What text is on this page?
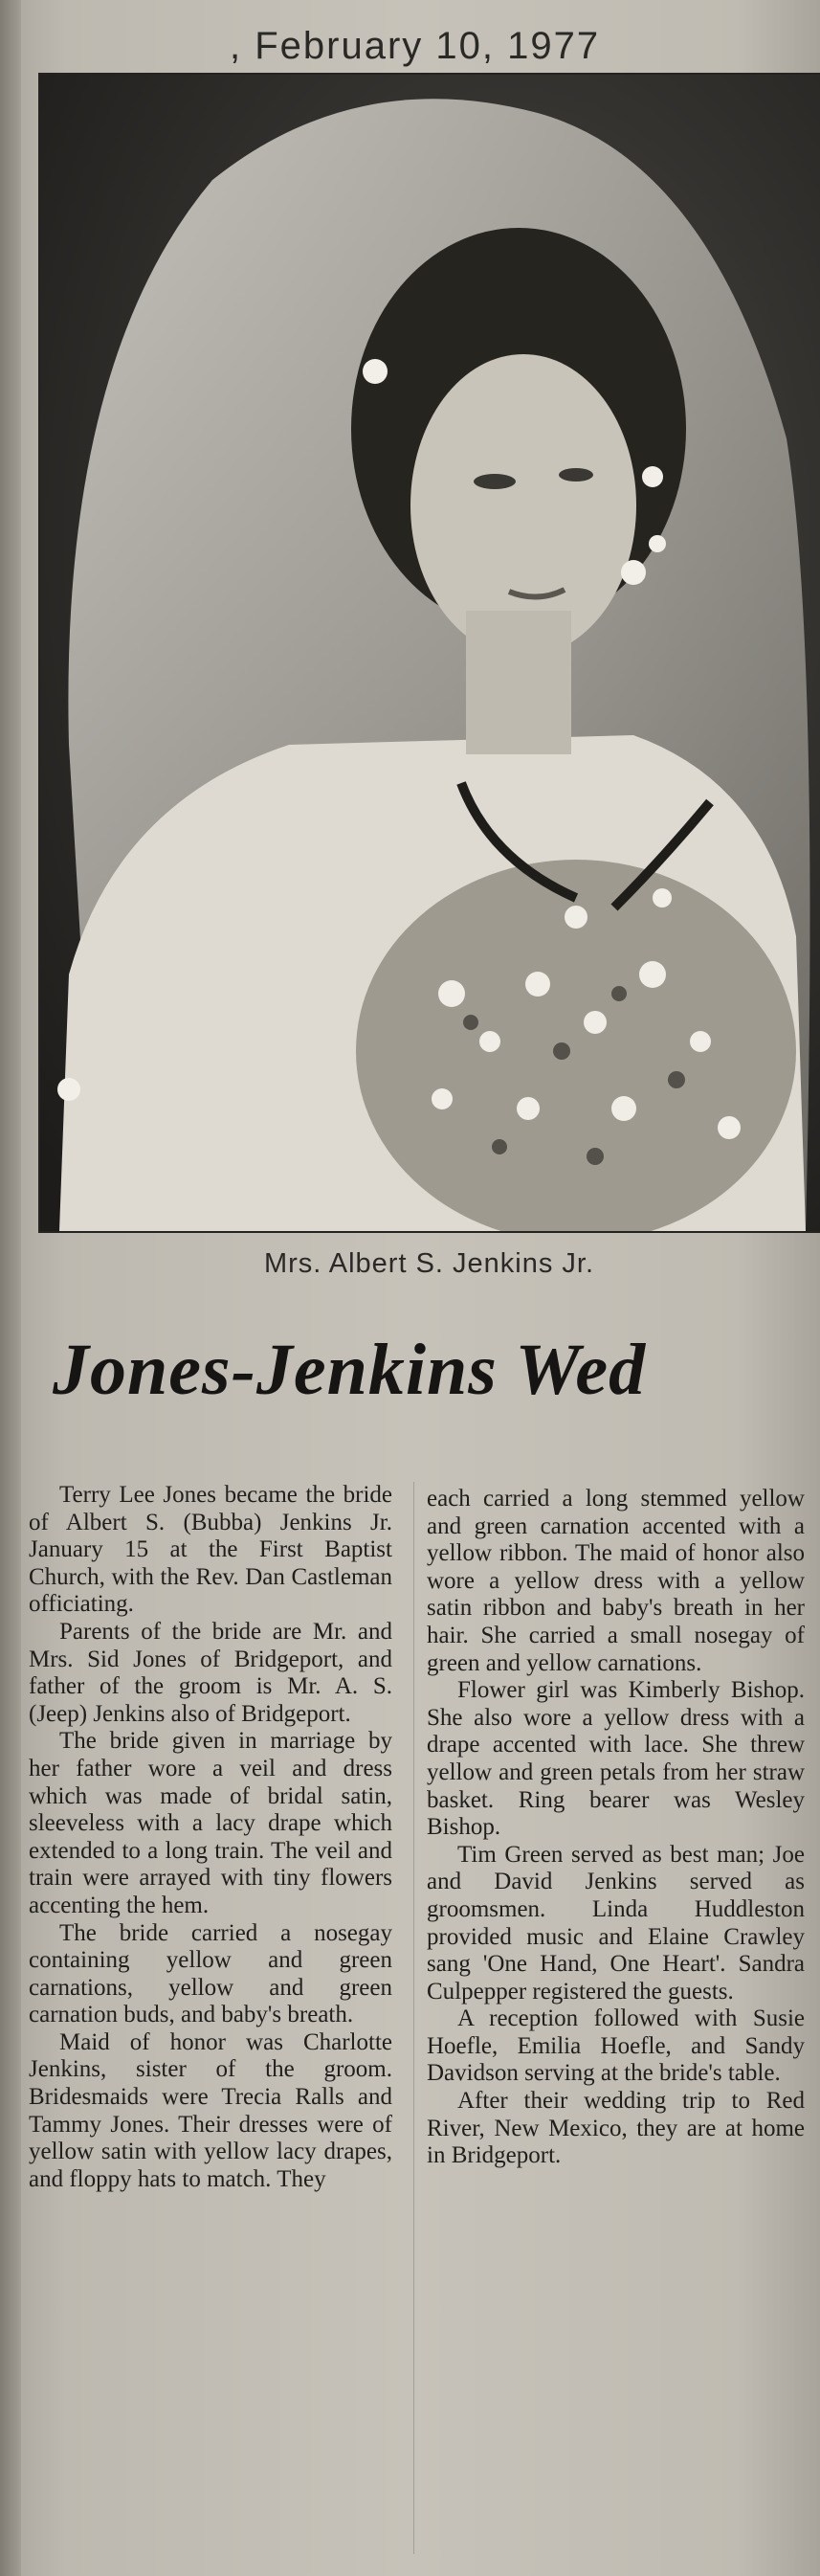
, February 10, 1977
Mrs. Albert S. Jenkins Jr.
Jones-Jenkins Wed

Terry Lee Jones became the bride of Albert S. (Bubba) Jenkins Jr. January 15 at the First Baptist Church, with the Rev. Dan Castleman officiating.

Parents of the bride are Mr. and Mrs. Sid Jones of Bridgeport, and father of the groom is Mr. A. S. (Jeep) Jenkins also of Bridgeport.

The bride given in marriage by her father wore a veil and dress which was made of bridal satin, sleeveless with a lacy drape which extended to a long train. The veil and train were arrayed with tiny flowers accenting the hem.

The bride carried a nosegay containing yellow and green carnations, yellow and green carnation buds, and baby's breath.

Maid of honor was Charlotte Jenkins, sister of the groom. Bridesmaids were Trecia Ralls and Tammy Jones. Their dresses were of yellow satin with yellow lacy drapes, and floppy hats to match. They

each carried a long stemmed yellow and green carnation accented with a yellow ribbon. The maid of honor also wore a yellow dress with a yellow satin ribbon and baby's breath in her hair. She carried a small nosegay of green and yellow carnations.

Flower girl was Kimberly Bishop. She also wore a yellow dress with a drape accented with lace. She threw yellow and green petals from her straw basket. Ring bearer was Wesley Bishop.

Tim Green served as best man; Joe and David Jenkins served as groomsmen. Linda Huddleston provided music and Elaine Crawley sang 'One Hand, One Heart'. Sandra Culpepper registered the guests.

A reception followed with Susie Hoefle, Emilia Hoefle, and Sandy Davidson serving at the bride's table.

After their wedding trip to Red River, New Mexico, they are at home in Bridgeport.
